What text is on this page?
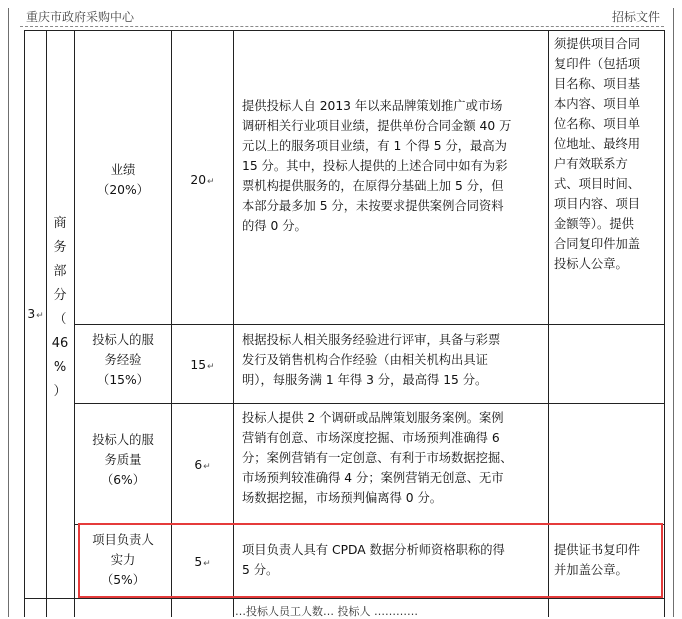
重庆市政府采购中心	招标文件
3↵
商
务
部
分
（
46
%
）
业绩
（20%）
20↵
提供投标人自 2013 年以来品牌策划推广或市场
调研相关行业项目业绩，提供单份合同金额 40 万
元以上的服务项目业绩，有 1 个得 5 分，最高为
15 分。其中，投标人提供的上述合同中如有为彩
票机构提供服务的，在原得分基础上加 5 分，但
本部分最多加 5 分，未按要求提供案例合同资料
的得 0 分。
须提供项目合同
复印件（包括项
目名称、项目基
本内容、项目单
位名称、项目单
位地址、最终用
户有效联系方
式、项目时间、
项目内容、项目
金额等）。提供
合同复印件加盖
投标人公章。
投标人的服
务经验
（15%）
15↵
根据投标人相关服务经验进行评审，具备与彩票
发行及销售机构合作经验（由相关机构出具证
明），每服务满 1 年得 3 分，最高得 15 分。
投标人的服
务质量
（6%）
6↵
投标人提供 2 个调研或品牌策划服务案例。案例
营销有创意、市场深度挖掘、市场预判准确得 6
分；案例营销有一定创意、有利于市场数据挖掘、
市场预判较准确得 4 分；案例营销无创意、无市
场数据挖掘，市场预判偏离得 0 分。
项目负责人
实力
（5%）
5↵
项目负责人具有 CPDA 数据分析师资格职称的得
5 分。
提供证书复印件
并加盖公章。
…投标人员工人数… 投标人 …………
